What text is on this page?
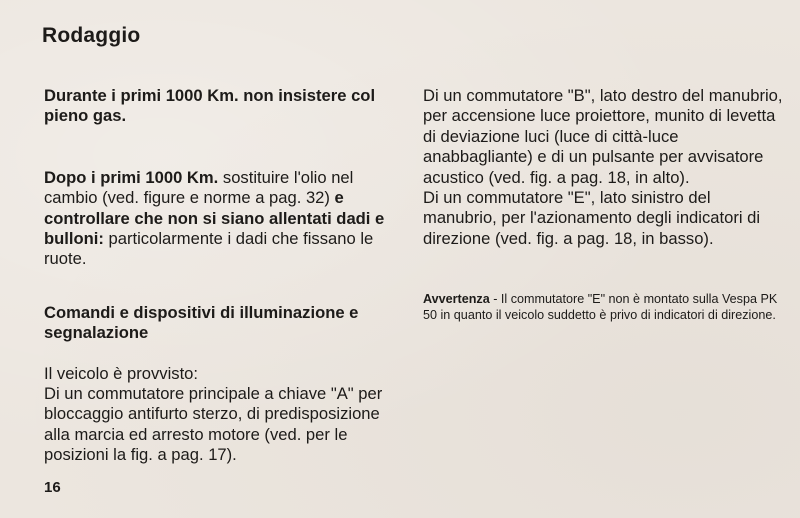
Rodaggio

Durante i primi 1000 Km. non insistere col pieno gas.

Dopo i primi 1000 Km. sostituire l'olio nel cambio (ved. figure e norme a pag. 32) e controllare che non si siano allentati dadi e bulloni: particolarmente i dadi che fissano le ruote.

Comandi e dispositivi di illuminazione e segnalazione

Il veicolo è provvisto:

Di un commutatore principale a chiave "A" per bloccaggio antifurto sterzo, di predisposizione alla marcia ed arresto motore (ved. per le posizioni la fig. a pag. 17).

Di un commutatore "B", lato destro del manubrio, per accensione luce proiettore, munito di levetta di deviazione luci (luce di città-luce anabbagliante) e di un pulsante per avvisatore acustico (ved. fig. a pag. 18, in alto).

Di un commutatore "E", lato sinistro del manubrio, per l'azionamento degli indicatori di direzione (ved. fig. a pag. 18, in basso).

Avvertenza - Il commutatore "E" non è montato sulla Vespa PK 50 in quanto il veicolo suddetto è privo di indicatori di direzione.

16
